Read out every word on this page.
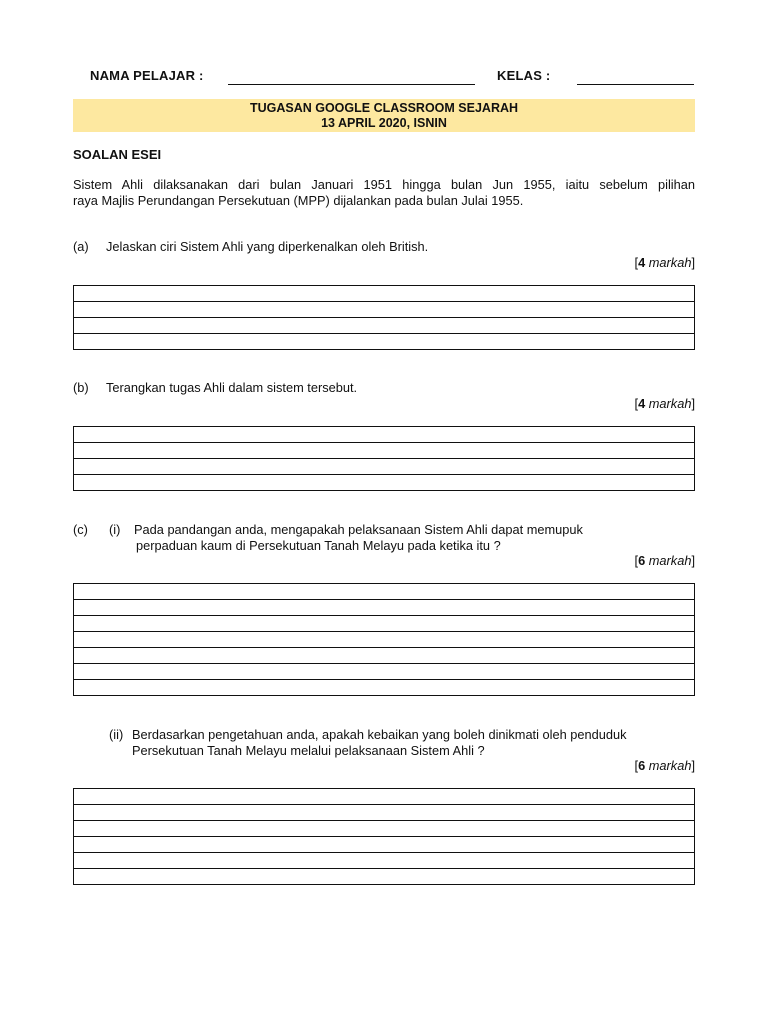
NAMA PELAJAR :	KELAS :
TUGASAN GOOGLE CLASSROOM SEJARAH
13 APRIL 2020, ISNIN
SOALAN ESEI
Sistem Ahli dilaksanakan dari bulan Januari 1951 hingga bulan Jun 1955, iaitu sebelum pilihan
raya Majlis Perundangan Persekutuan (MPP) dijalankan pada bulan Julai 1955.
(a) Jelaskan ciri Sistem Ahli yang diperkenalkan oleh British.
[4 markah]
(b) Terangkan tugas Ahli dalam sistem tersebut.
[4 markah]
(c) (i) Pada pandangan anda, mengapakah pelaksanaan Sistem Ahli dapat memupuk
perpaduan kaum di Persekutuan Tanah Melayu pada ketika itu ?
[6 markah]
(ii) Berdasarkan pengetahuan anda, apakah kebaikan yang boleh dinikmati oleh penduduk
Persekutuan Tanah Melayu melalui pelaksanaan Sistem Ahli ?
[6 markah]
